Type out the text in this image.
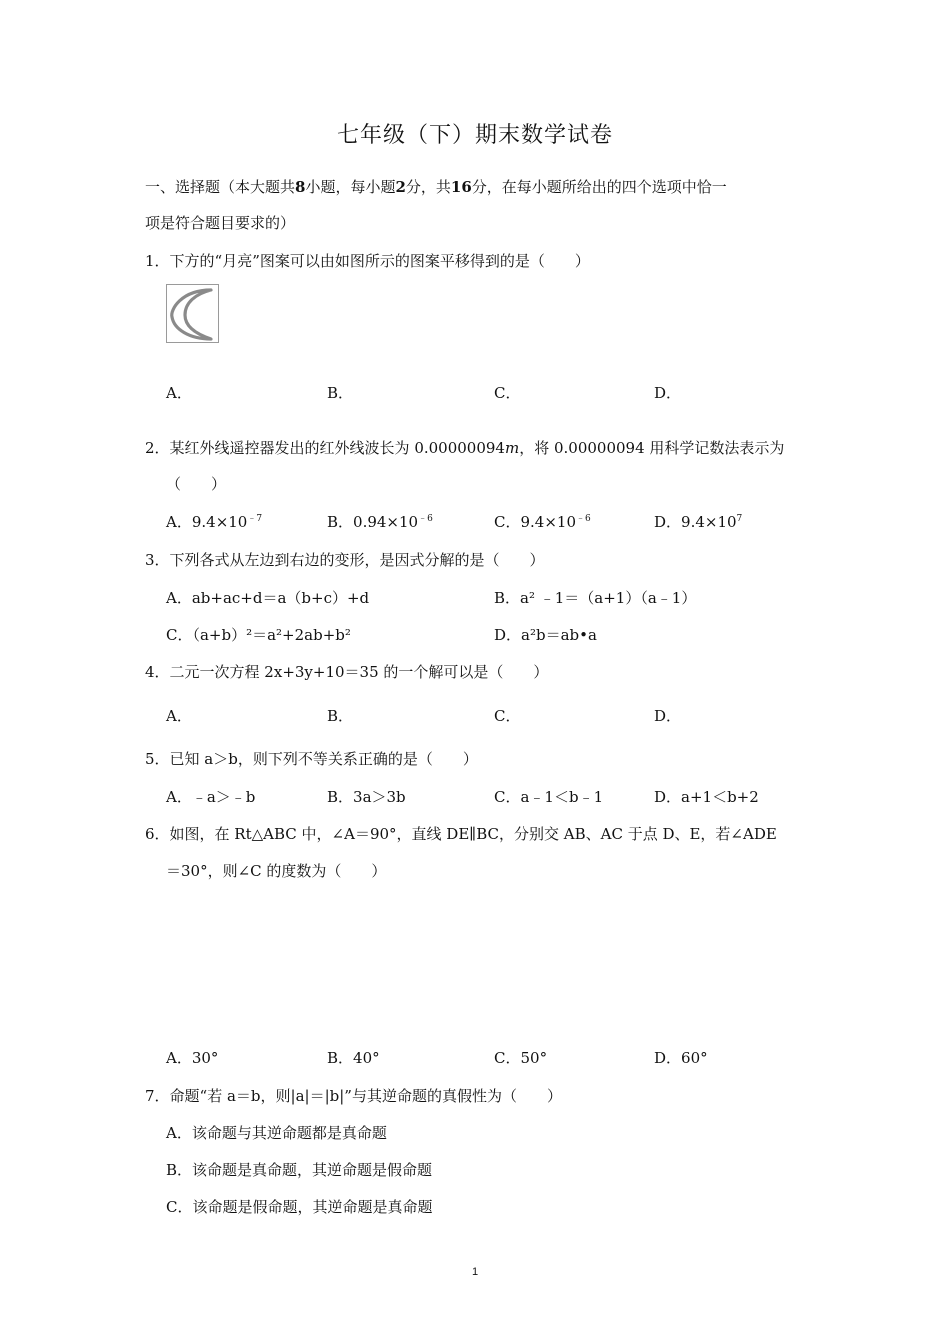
七年级（下）期末数学试卷
一、选择题（本大题共8小题，每小题2分，共16分，在每小题所给出的四个选项中恰一
项是符合题目要求的）
1．下方的“月亮”图案可以由如图所示的图案平移得到的是（　　）
A．	B．	C．	D．
2．某红外线遥控器发出的红外线波长为 0.00000094m，将 0.00000094 用科学记数法表示为
（　　）
A．$9.4\times 10^{﹣7}$	B．$0.94\times 10^{﹣6}$	C．$9.4\times 10^{﹣6}$	D．$9.4\times 10^7$
3．下列各式从左边到右边的变形，是因式分解的是（　　）
A．ab+ac+d＝a（b+c）+d	B．a² ﹣1＝（a+1）（a﹣1）
C．（a+b）²＝a²+2ab+b²	D．a²b＝ab•a
4．二元一次方程 2x+3y+10＝35 的一个解可以是（　　）
A．	B．	C．	D．
5．已知 a＞b，则下列不等关系正确的是（　　）
A．﹣a＞﹣b	B．3a＞3b	C．a﹣1＜b﹣1	D．a+1＜b+2
6．如图，在 Rt△ABC 中，∠A＝90°，直线 DE∥BC，分别交 AB、AC 于点 D、E，若∠ADE
＝30°，则∠C 的度数为（　　）
A．30°	B．40°	C．50°	D．60°
7．命题“若 a＝b，则|a|＝|b|”与其逆命题的真假性为（　　）
A．该命题与其逆命题都是真命题
B．该命题是真命题，其逆命题是假命题
C．该命题是假命题，其逆命题是真命题
1
